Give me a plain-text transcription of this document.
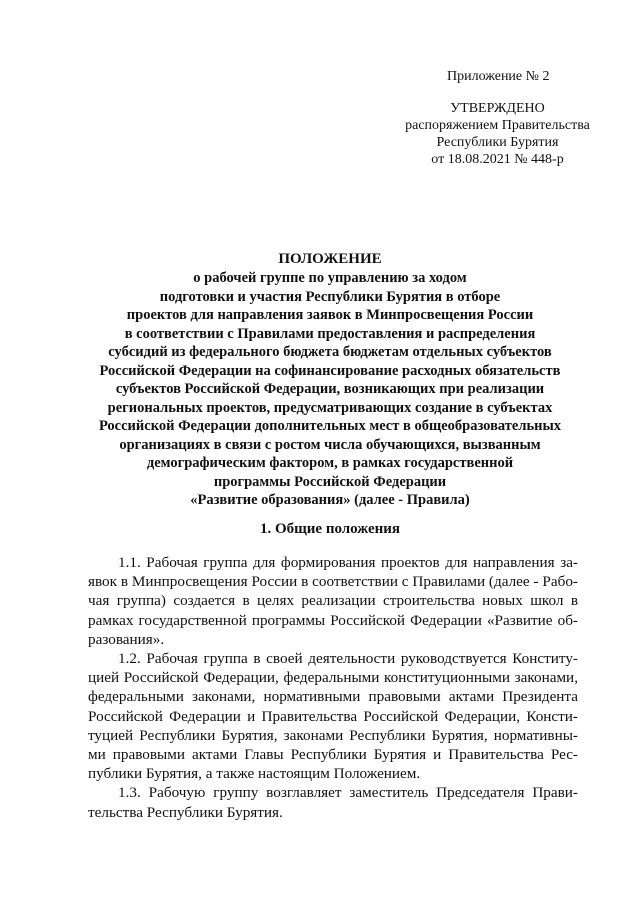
Приложение № 2
УТВЕРЖДЕНО
распоряжением Правительства
Республики Бурятия
от 18.08.2021 № 448-р
ПОЛОЖЕНИЕ
о рабочей группе по управлению за ходом
подготовки и участия Республики Бурятия в отборе
проектов для направления заявок в Минпросвещения России
в соответствии с Правилами предоставления и распределения
субсидий из федерального бюджета бюджетам отдельных субъектов
Российской Федерации на софинансирование расходных обязательств
субъектов Российской Федерации, возникающих при реализации
региональных проектов, предусматривающих создание в субъектах
Российской Федерации дополнительных мест в общеобразовательных
организациях в связи с ростом числа обучающихся, вызванным
демографическим фактором, в рамках государственной
программы Российской Федерации
«Развитие образования» (далее - Правила)
1. Общие положения
1.1. Рабочая группа для формирования проектов для направления за-
явок в Минпросвещения России в соответствии с Правилами (далее - Рабо-
чая группа) создается в целях реализации строительства новых школ в
рамках государственной программы Российской Федерации «Развитие об-
разования».
1.2. Рабочая группа в своей деятельности руководствуется Конститу-
цией Российской Федерации, федеральными конституционными законами,
федеральными законами, нормативными правовыми актами Президента
Российской Федерации и Правительства Российской Федерации, Консти-
туцией Республики Бурятия, законами Республики Бурятия, нормативны-
ми правовыми актами Главы Республики Бурятия и Правительства Рес-
публики Бурятия, а также настоящим Положением.
1.3. Рабочую группу возглавляет заместитель Председателя Прави-
тельства Республики Бурятия.
